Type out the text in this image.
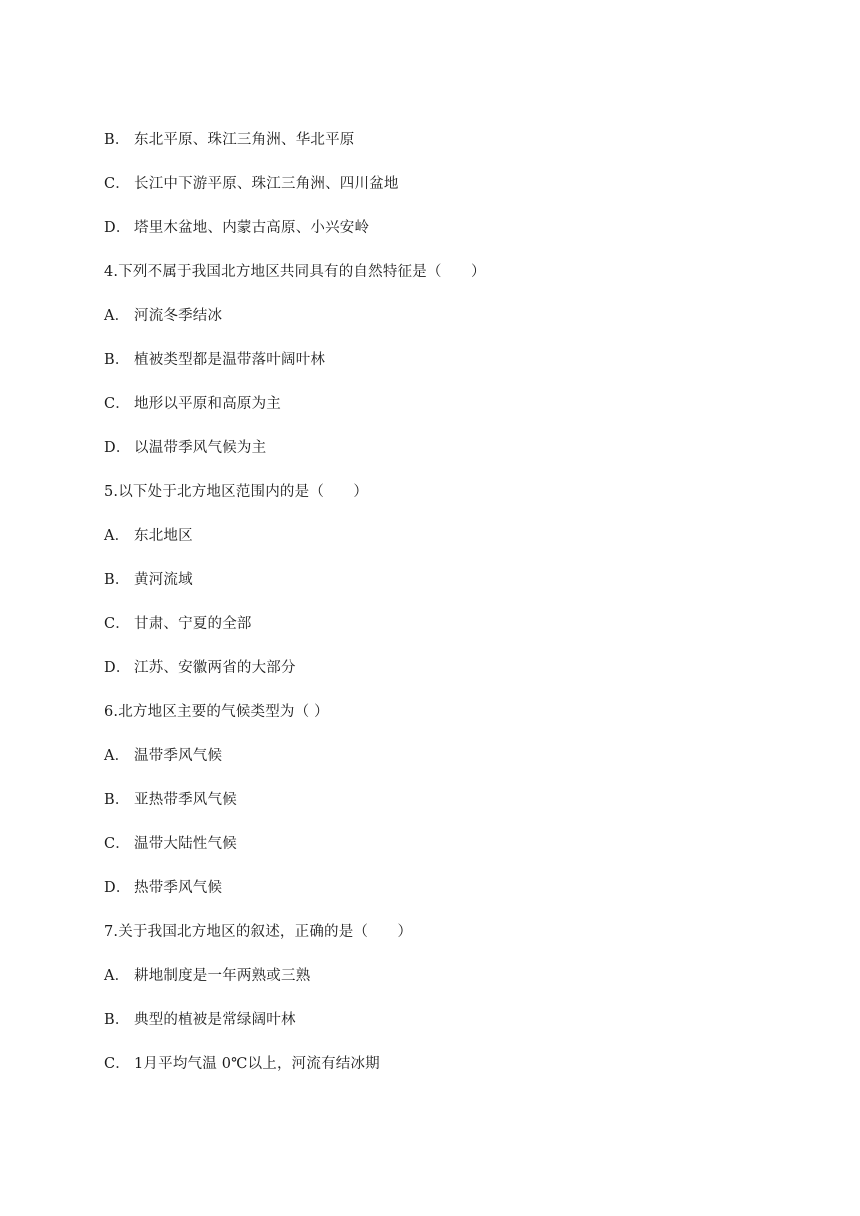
B． 东北平原、珠江三角洲、华北平原
C． 长江中下游平原、珠江三角洲、四川盆地
D． 塔里木盆地、内蒙古高原、小兴安岭
4.下列不属于我国北方地区共同具有的自然特征是（　　）
A． 河流冬季结冰
B． 植被类型都是温带落叶阔叶林
C． 地形以平原和高原为主
D． 以温带季风气候为主
5.以下处于北方地区范围内的是（　　）
A． 东北地区
B． 黄河流域
C． 甘肃、宁夏的全部
D． 江苏、安徽两省的大部分
6.北方地区主要的气候类型为（ ）
A． 温带季风气候
B． 亚热带季风气候
C． 温带大陆性气候
D． 热带季风气候
7.关于我国北方地区的叙述，正确的是（　　）
A． 耕地制度是一年两熟或三熟
B． 典型的植被是常绿阔叶林
C． 1月平均气温 0℃以上，河流有结冰期
